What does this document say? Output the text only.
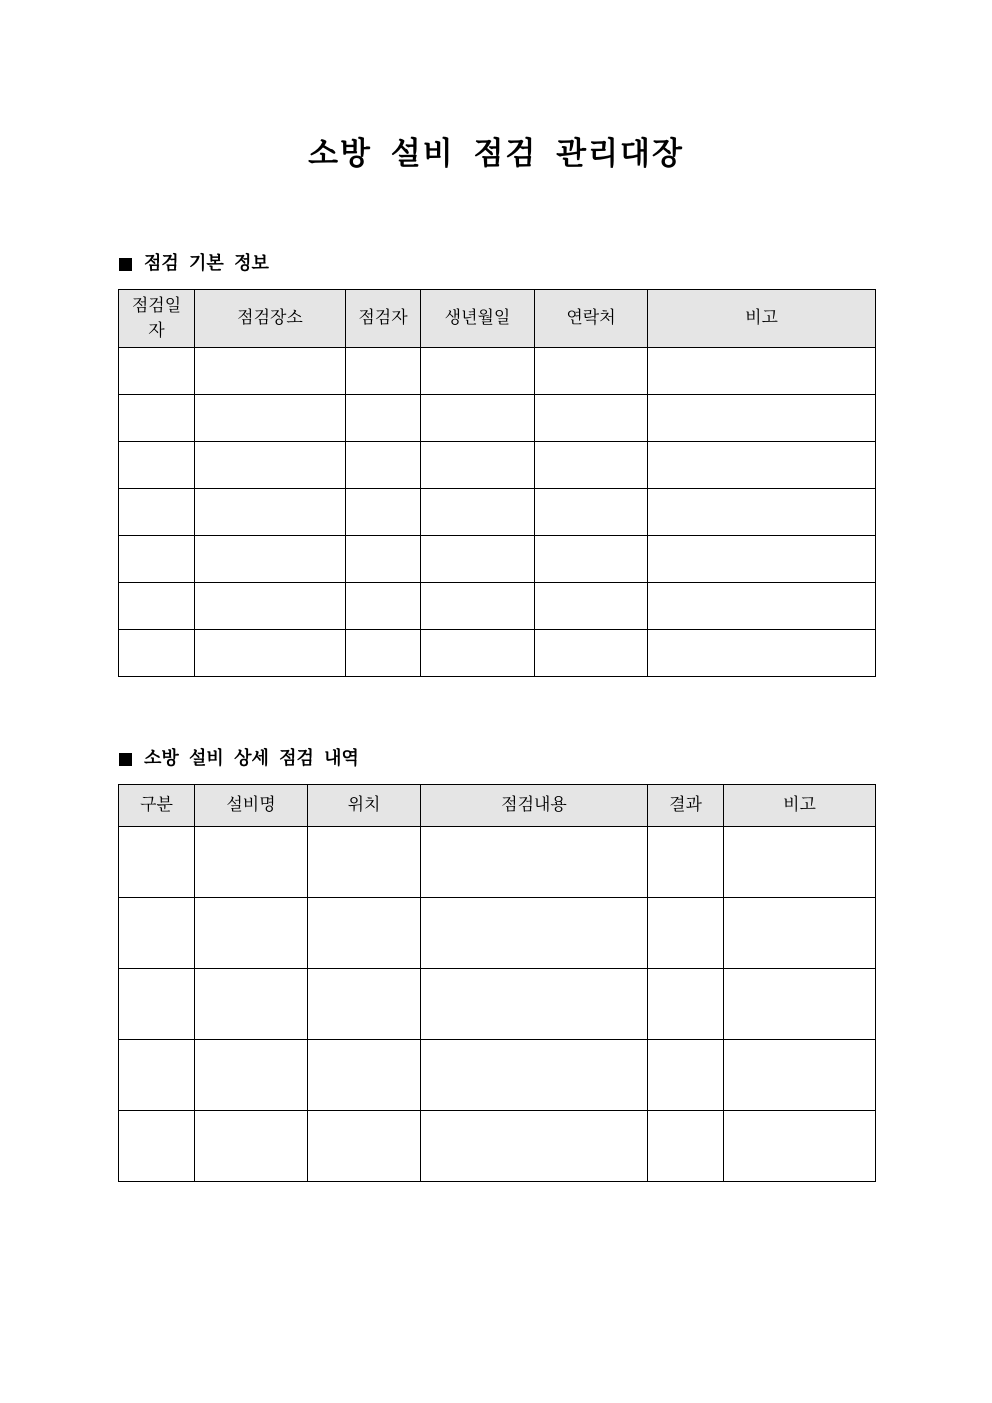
소방 설비 점검 관리대장
점검 기본 정보
점검일
자	점검장소	점검자	생년월일	연락처	비고

소방 설비 상세 점검 내역
구분	설비명	위치	점검내용	결과	비고
